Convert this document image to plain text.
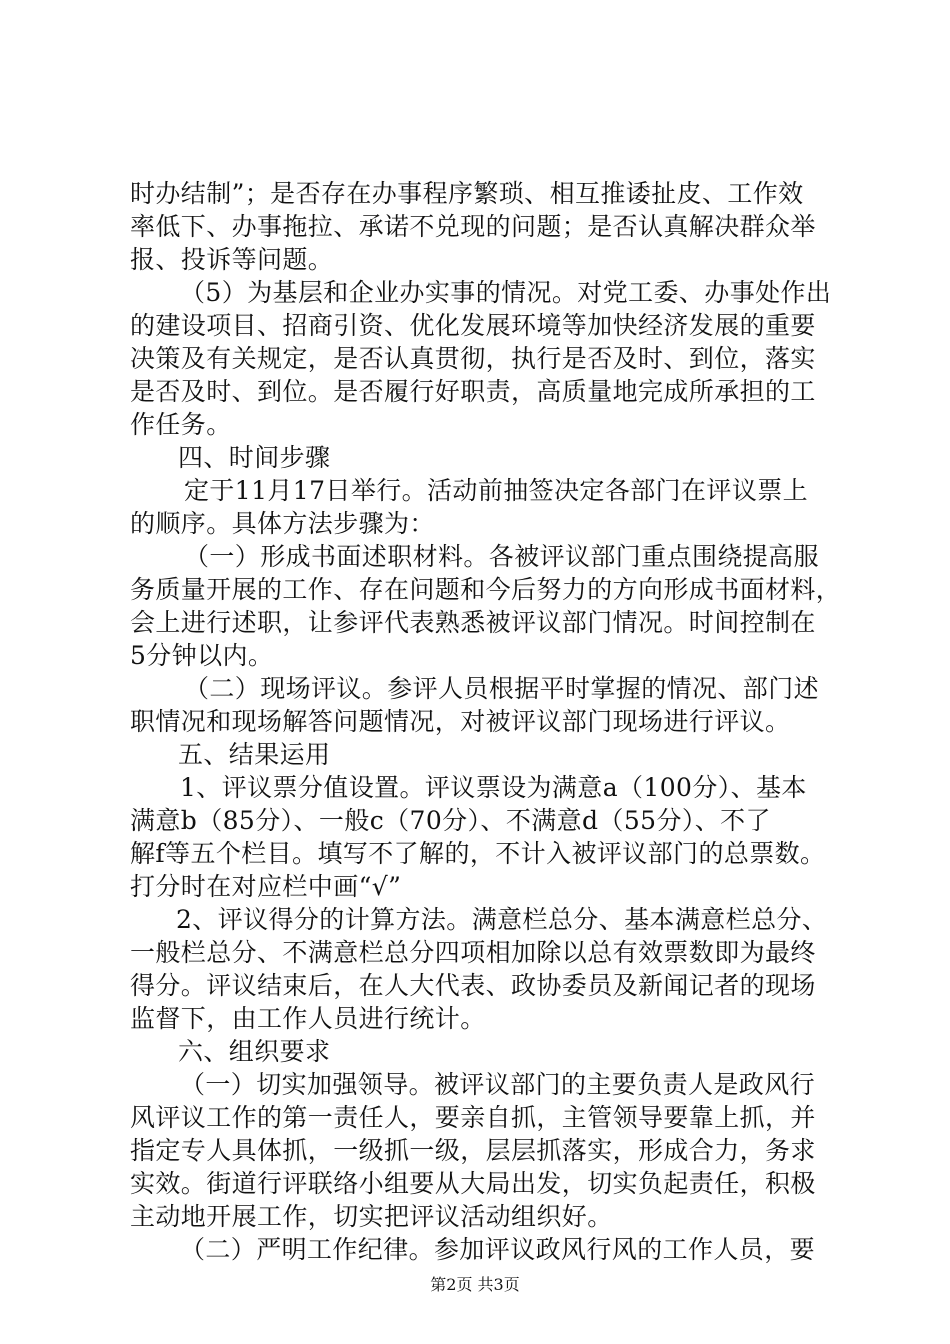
时办结制”；是否存在办事程序繁琐、相互推诿扯皮、工作效
率低下、办事拖拉、承诺不兑现的问题；是否认真解决群众举
报、投诉等问题。
（5）为基层和企业办实事的情况。对党工委、办事处作出
的建设项目、招商引资、优化发展环境等加快经济发展的重要
决策及有关规定，是否认真贯彻，执行是否及时、到位，落实
是否及时、到位。是否履行好职责，高质量地完成所承担的工
作任务。
四、时间步骤
定于11月17日举行。活动前抽签决定各部门在评议票上
的顺序。具体方法步骤为：
（一）形成书面述职材料。各被评议部门重点围绕提高服
务质量开展的工作、存在问题和今后努力的方向形成书面材料，
会上进行述职，让参评代表熟悉被评议部门情况。时间控制在
5分钟以内。
（二）现场评议。参评人员根据平时掌握的情况、部门述
职情况和现场解答问题情况，对被评议部门现场进行评议。
五、结果运用
1、评议票分值设置。评议票设为满意a（100分）、基本
满意b（85分）、一般c（70分）、不满意d（55分）、不了
解f等五个栏目。填写不了解的，不计入被评议部门的总票数。
打分时在对应栏中画“√”
2、评议得分的计算方法。满意栏总分、基本满意栏总分、
一般栏总分、不满意栏总分四项相加除以总有效票数即为最终
得分。评议结束后，在人大代表、政协委员及新闻记者的现场
监督下，由工作人员进行统计。
六、组织要求
（一）切实加强领导。被评议部门的主要负责人是政风行
风评议工作的第一责任人，要亲自抓，主管领导要靠上抓，并
指定专人具体抓，一级抓一级，层层抓落实，形成合力，务求
实效。街道行评联络小组要从大局出发，切实负起责任，积极
主动地开展工作，切实把评议活动组织好。
（二）严明工作纪律。参加评议政风行风的工作人员，要
第2页 共3页
